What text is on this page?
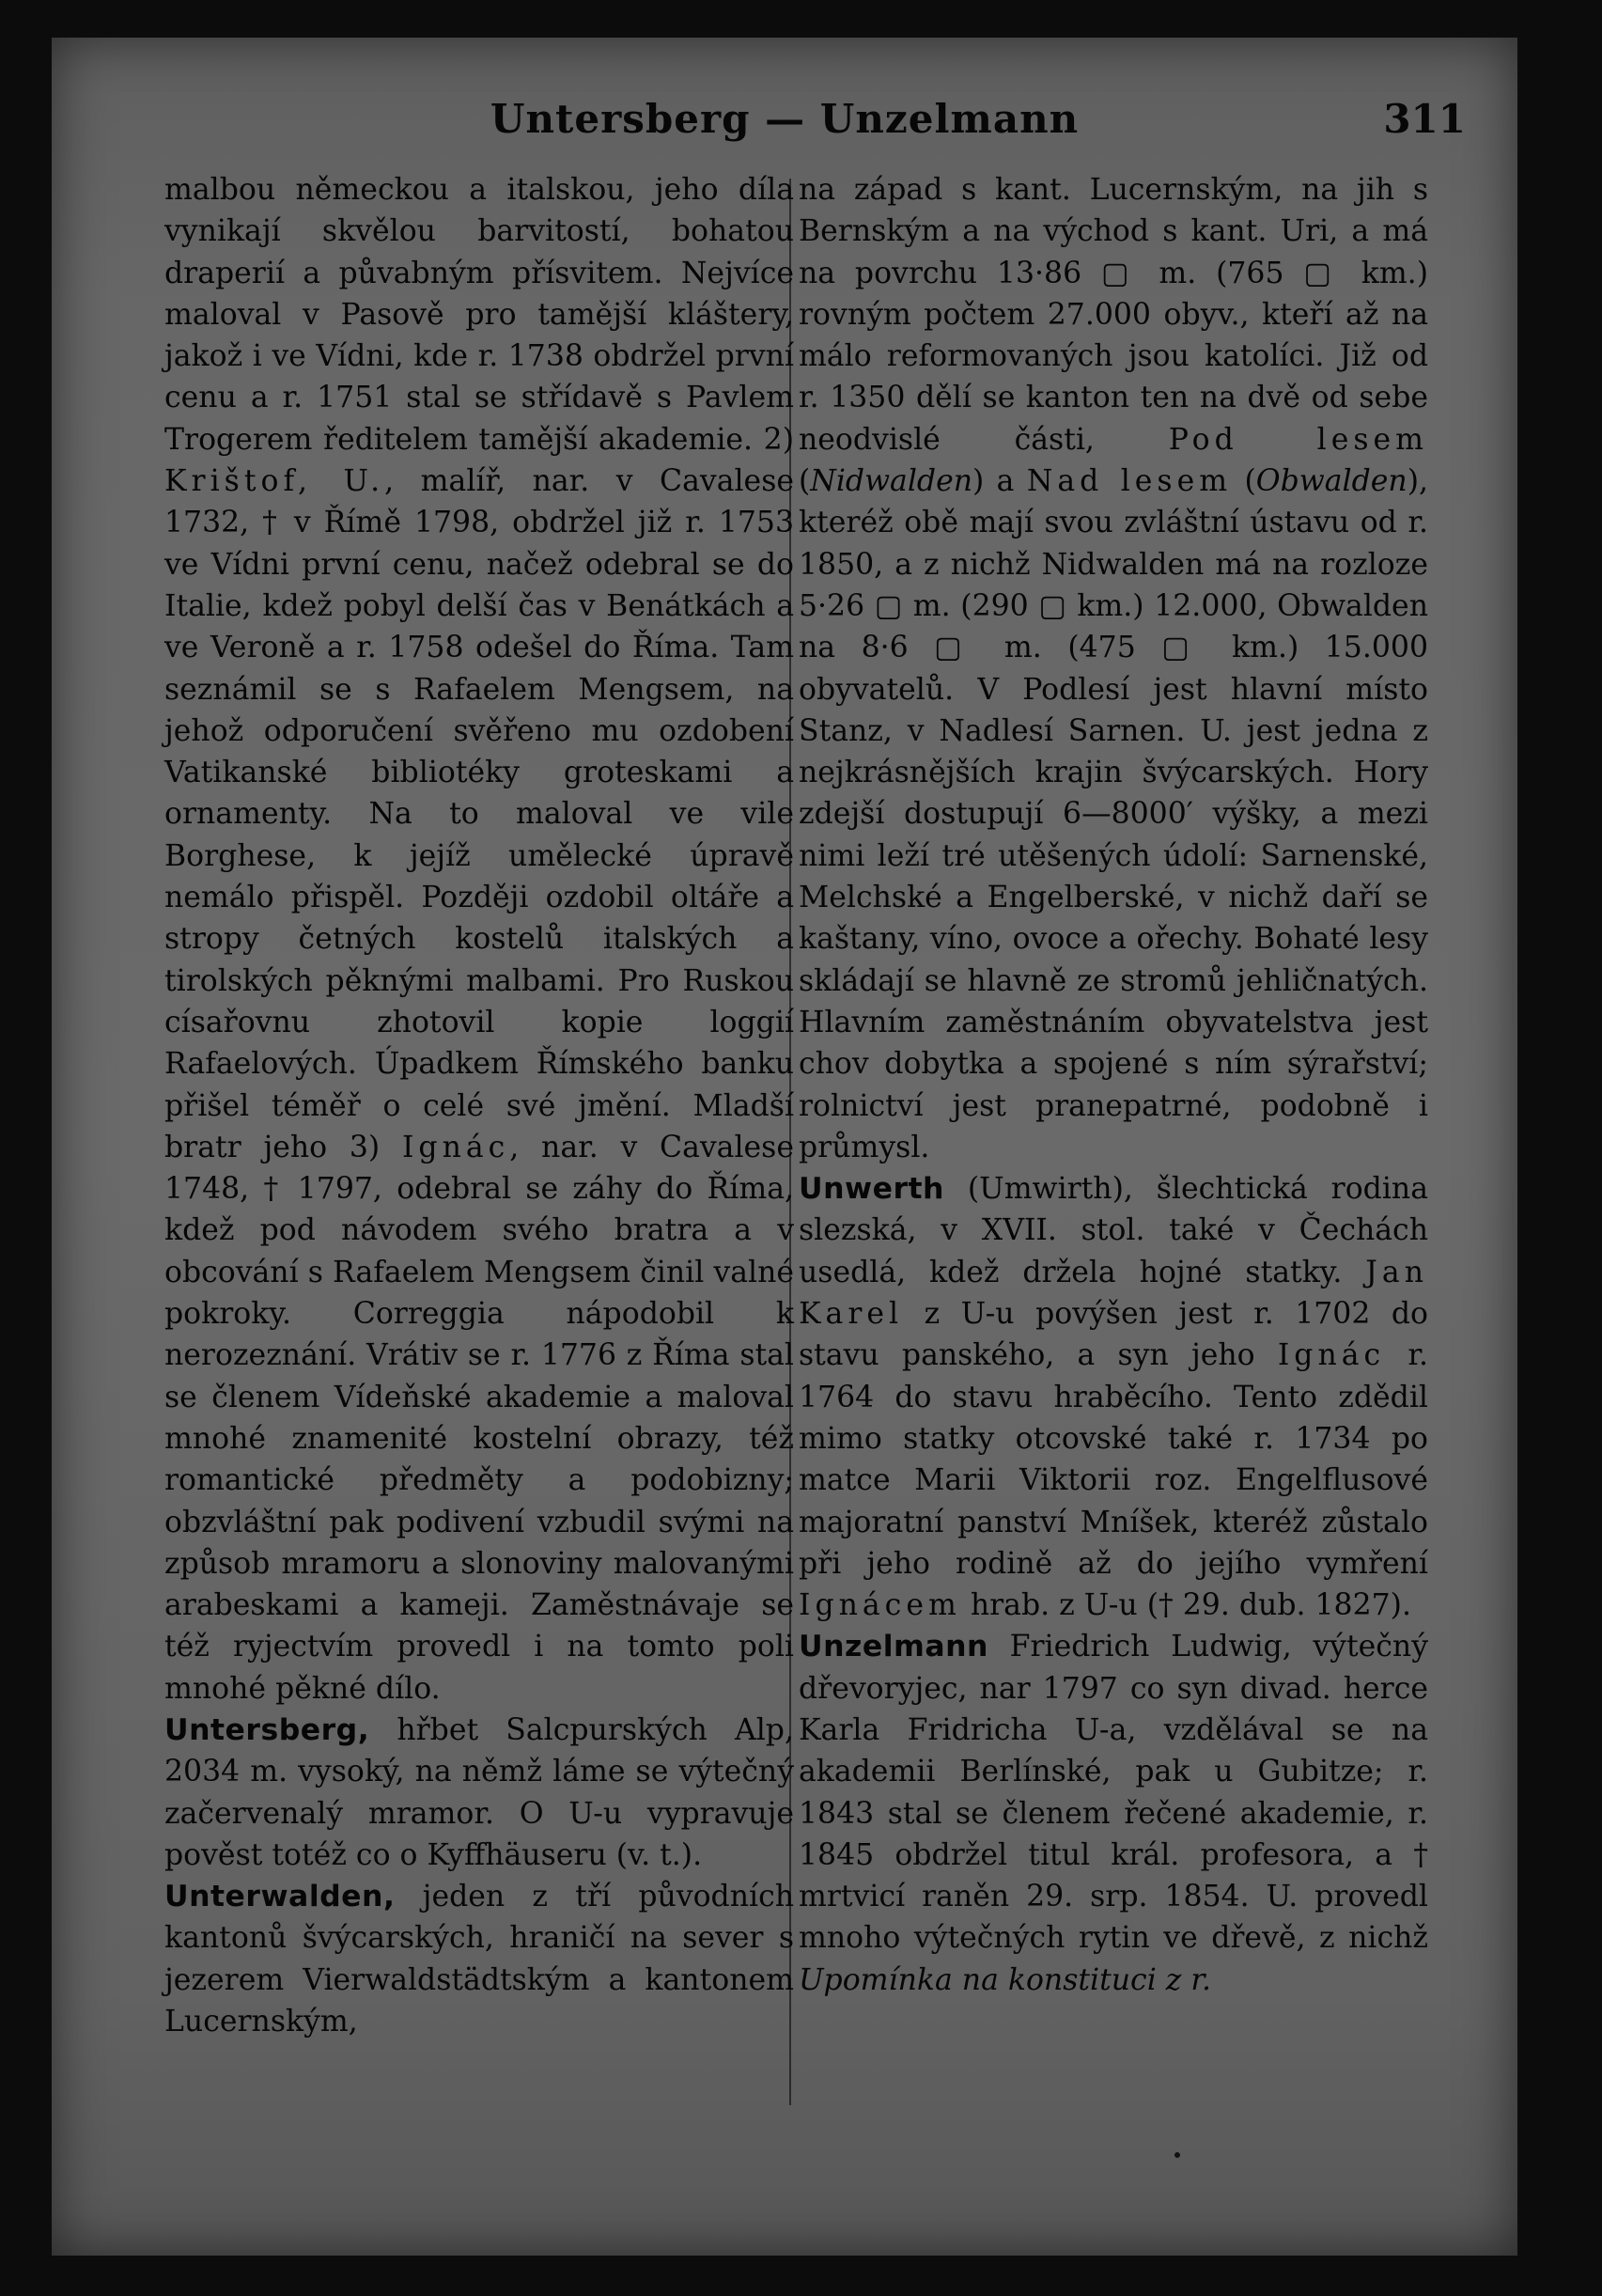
Untersberg — Unzelmann	311

malbou německou a italskou, jeho díla vynikají skvělou barvitostí, bohatou draperií a půvabným přísvitem. Nejvíce maloval v Pasově pro tamější kláštery, jakož i ve Vídni, kde r. 1738 obdržel první cenu a r. 1751 stal se střídavě s Pavlem Trogerem ředitelem tamější akademie. 2) Krištof, U., malíř, nar. v Cavalese 1732, † v Římě 1798, obdržel již r. 1753 ve Vídni první cenu, načež odebral se do Italie, kdež pobyl delší čas v Benátkách a ve Veroně a r. 1758 odešel do Říma. Tam seznámil se s Rafaelem Mengsem, na jehož odporučení svěřeno mu ozdobení Vatikanské bibliotéky groteskami a ornamenty. Na to maloval ve vile Borghese, k jejíž umělecké úpravě nemálo přispěl. Později ozdobil oltáře a stropy četných kostelů italských a tirolských pěknými malbami. Pro Ruskou císařovnu zhotovil kopie loggií Rafaelových. Úpadkem Římského banku přišel téměř o celé své jmění. Mladší bratr jeho 3) Ignác, nar. v Cavalese 1748, † 1797, odebral se záhy do Říma, kdež pod návodem svého bratra a v obcování s Rafaelem Mengsem činil valné pokroky. Correggia nápodobil k nerozeznání. Vrátiv se r. 1776 z Říma stal se členem Vídeňské akademie a maloval mnohé znamenité kostelní obrazy, též romantické předměty a podobizny; obzvláštní pak podivení vzbudil svými na způsob mramoru a slonoviny malovanými arabeskami a kameji. Zaměstnávaje se též ryjectvím provedl i na tomto poli mnohé pěkné dílo.

Untersberg, hřbet Salcpurských Alp, 2034 m. vysoký, na němž láme se výtečný začervenalý mramor. O U-u vypravuje pověst totéž co o Kyffhäuseru (v. t.).

Unterwalden, jeden z tří původních kantonů švýcarských, hraničí na sever s jezerem Vierwaldstädtským a kantonem Lucernským,

na západ s kant. Lucernským, na jih s Bernským a na východ s kant. Uri, a má na povrchu 13·86 ▢ m. (765 ▢ km.) rovným počtem 27.000 obyv., kteří až na málo reformovaných jsou katolíci. Již od r. 1350 dělí se kanton ten na dvě od sebe neodvislé části, Pod lesem (Nidwalden) a Nad lesem (Obwalden), kteréž obě mají svou zvláštní ústavu od r. 1850, a z nichž Nidwalden má na rozloze 5·26 ▢ m. (290 ▢ km.) 12.000, Obwalden na 8·6 ▢ m. (475 ▢ km.) 15.000 obyvatelů. V Podlesí jest hlavní místo Stanz, v Nadlesí Sarnen. U. jest jedna z nejkrásnějších krajin švýcarských. Hory zdejší dostupují 6—8000′ výšky, a mezi nimi leží tré utěšených údolí: Sarnenské, Melchské a Engelberské, v nichž daří se kaštany, víno, ovoce a ořechy. Bohaté lesy skládají se hlavně ze stromů jehličnatých. Hlavním zaměstnáním obyvatelstva jest chov dobytka a spojené s ním sýrařství; rolnictví jest pranepatrné, podobně i průmysl.

Unwerth (Umwirth), šlechtická rodina slezská, v XVII. stol. také v Čechách usedlá, kdež držela hojné statky. Jan Karel z U-u povýšen jest r. 1702 do stavu panského, a syn jeho Ignác r. 1764 do stavu hraběcího. Tento zdědil mimo statky otcovské také r. 1734 po matce Marii Viktorii roz. Engelflusové majoratní panství Mníšek, kteréž zůstalo při jeho rodině až do jejího vymření Ignácem hrab. z U-u († 29. dub. 1827).

Unzelmann Friedrich Ludwig, výtečný dřevoryjec, nar 1797 co syn divad. herce Karla Fridricha U-a, vzdělával se na akademii Berlínské, pak u Gubitze; r. 1843 stal se členem řečené akademie, r. 1845 obdržel titul král. profesora, a † mrtvicí raněn 29. srp. 1854. U. provedl mnoho výtečných rytin ve dřevě, z nichž Upomínka na konstituci z r.
